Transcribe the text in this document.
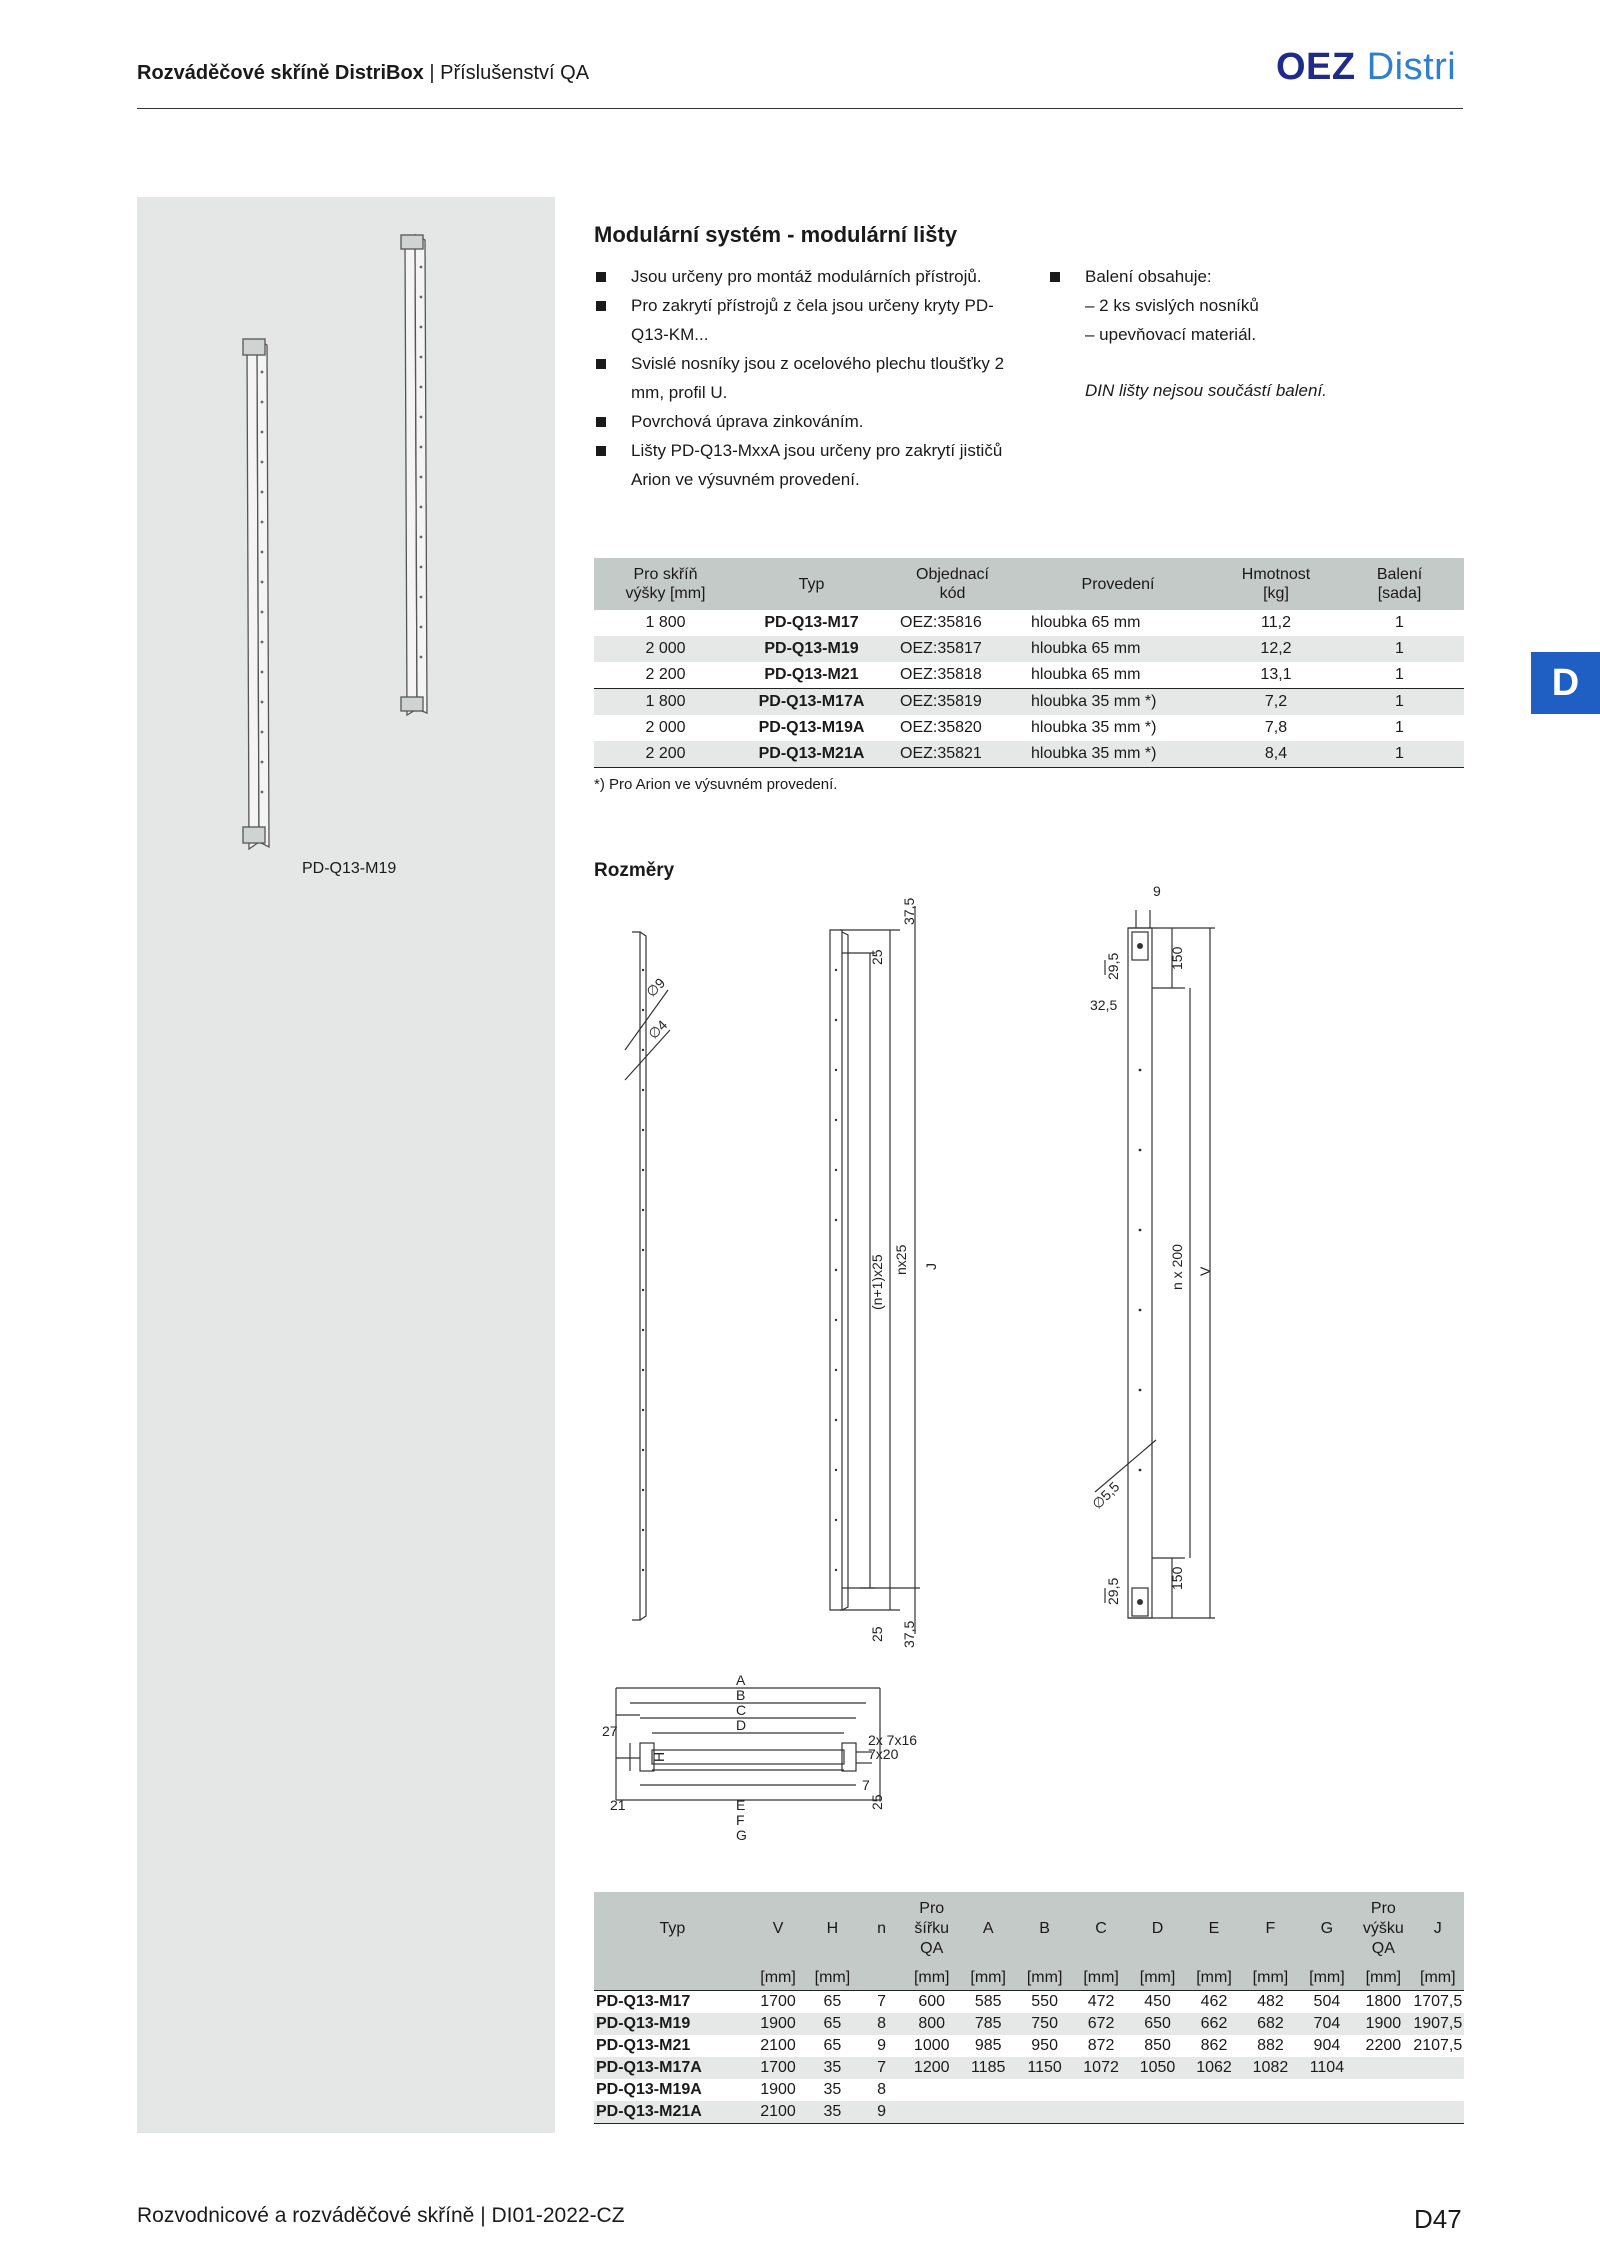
Rozváděčové skříně DistriBox | Příslušenství QA	OEZ Distri
PD-Q13-M19
D
Modulární systém - modulární lišty
Jsou určeny pro montáž modulárních přístrojů.
Pro zakrytí přístrojů z čela jsou určeny kryty PD-Q13-KM...
Svislé nosníky jsou z ocelového plechu tloušťky 2 mm, profil U.
Povrchová úprava zinkováním.
Lišty PD-Q13-MxxA jsou určeny pro zakrytí jističů Arion ve výsuvném provedení.
Balení obsahuje:
– 2 ks svislých nosníků
– upevňovací materiál.
DIN lišty nejsou součástí balení.
Pro skříň
výšky [mm]	Typ	Objednací
kód	Provedení	Hmotnost
[kg]	Balení
[sada]
1 800	PD-Q13-M17	OEZ:35816	hloubka 65 mm	11,2	1
2 000	PD-Q13-M19	OEZ:35817	hloubka 65 mm	12,2	1
2 200	PD-Q13-M21	OEZ:35818	hloubka 65 mm	13,1	1
1 800	PD-Q13-M17A	OEZ:35819	hloubka 35 mm *)	7,2	1
2 000	PD-Q13-M19A	OEZ:35820	hloubka 35 mm *)	7,8	1
2 200	PD-Q13-M21A	OEZ:35821	hloubka 35 mm *)	8,4	1
*) Pro Arion ve výsuvném provedení.
Rozměry
∅9
∅4
37,5
25
(n+1)x25 nx25 J
25 37,5
9
29,5	150
32,5
n x 200 V
∅5,5
29,5	150
A
B
C
D
27
H
21	E
F
G
2x 7x16
7x20
7
25
Typ	V	H	n	Pro
šířku
QA	A	B	C	D	E	F	G	Pro
výšku
QA	J
	[mm]	[mm]		[mm]	[mm]	[mm]	[mm]	[mm]	[mm]	[mm]	[mm]	[mm]	[mm]
PD-Q13-M17	1700	65	7	600	585	550	472	450	462	482	504	1800	1707,5
PD-Q13-M19	1900	65	8	800	785	750	672	650	662	682	704	1900	1907,5
PD-Q13-M21	2100	65	9	1000	985	950	872	850	862	882	904	2200	2107,5
PD-Q13-M17A	1700	35	7	1200	1185	1150	1072	1050	1062	1082	1104		
PD-Q13-M19A	1900	35	8										
PD-Q13-M21A	2100	35	9										
Rozvodnicové a rozváděčové skříně | DI01-2022-CZ	D47
